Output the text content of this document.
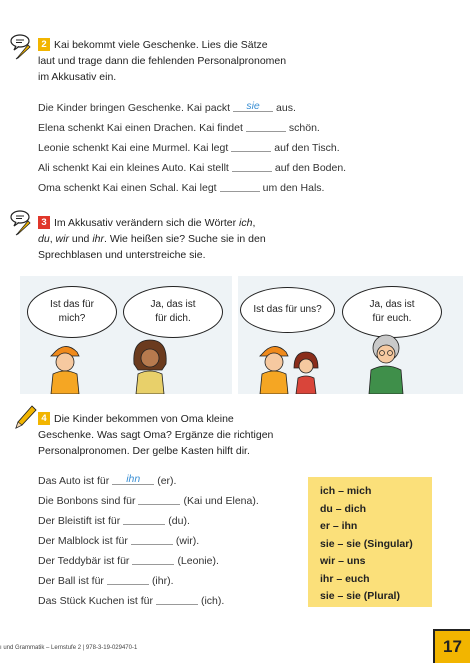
2 Kai bekommt viele Geschenke. Lies die Sätze
laut und trage dann die fehlenden Personalpronomen
im Akkusativ ein.
Die Kinder bringen Geschenke. Kai packt	sie	aus.
Elena schenkt Kai einen Drachen. Kai findet	schön.
Leonie schenkt Kai eine Murmel. Kai legt	auf den Tisch.
Ali schenkt Kai ein kleines Auto. Kai stellt	auf den Boden.
Oma schenkt Kai einen Schal. Kai legt	um den Hals.
3 Im Akkusativ verändern sich die Wörter ich,
du, wir und ihr. Wie heißen sie? Suche sie in den
Sprechblasen und unterstreiche sie.
Ist das für
mich?
Ja, das ist
für dich.
Ist das für uns?	Ja, das ist
für euch.
4 Die Kinder bekommen von Oma kleine
Geschenke. Was sagt Oma? Ergänze die richtigen
Personalpronomen. Der gelbe Kasten hilft dir.
Das Auto ist für	ihn	(er).
Die Bonbons sind für	(Kai und Elena).
Der Bleistift ist für	(du).
Der Malblock ist für	(wir).
Der Teddybär ist für	(Leonie).
Der Ball ist für	(ihr).
Das Stück Kuchen ist für	(ich).
ich – mich
du – dich
er – ihn
sie – sie (Singular)
wir – uns
ihr – euch
sie – sie (Plural)
ı und Grammatik – Lernstufe 2 | 978-3-19-029470-1	17
